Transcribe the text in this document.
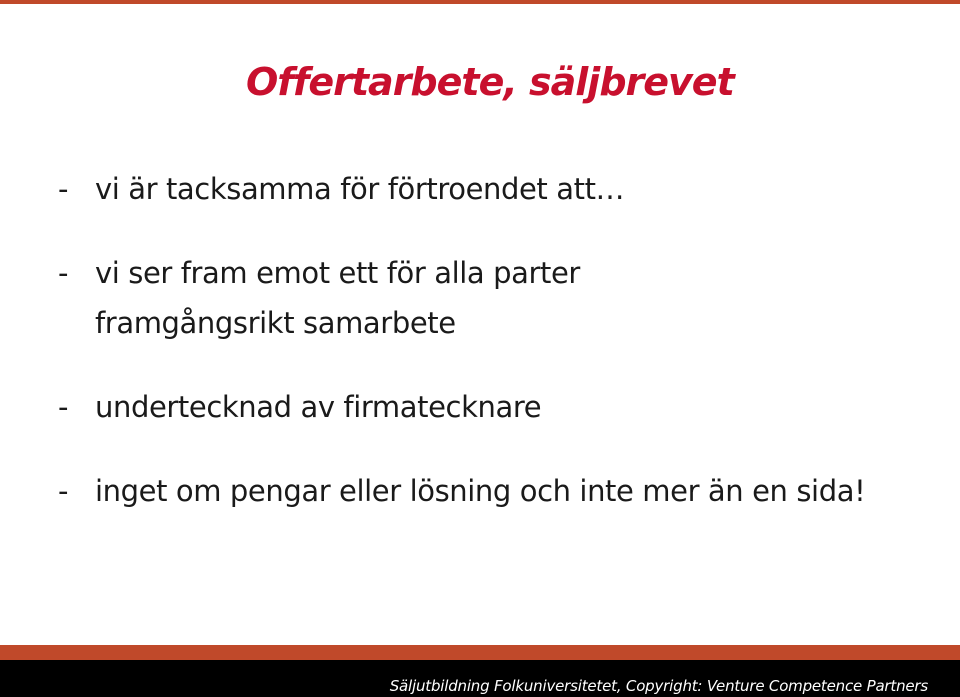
Offertarbete, säljbrevet
- vi är tacksamma för förtroendet att…
- vi ser fram emot ett för alla parter
framgångsrikt samarbete
- undertecknad av firmatecknare
- inget om pengar eller lösning och inte mer än en sida!

Säljutbildning Folkuniversitetet, Copyright: Venture Competence Partners
